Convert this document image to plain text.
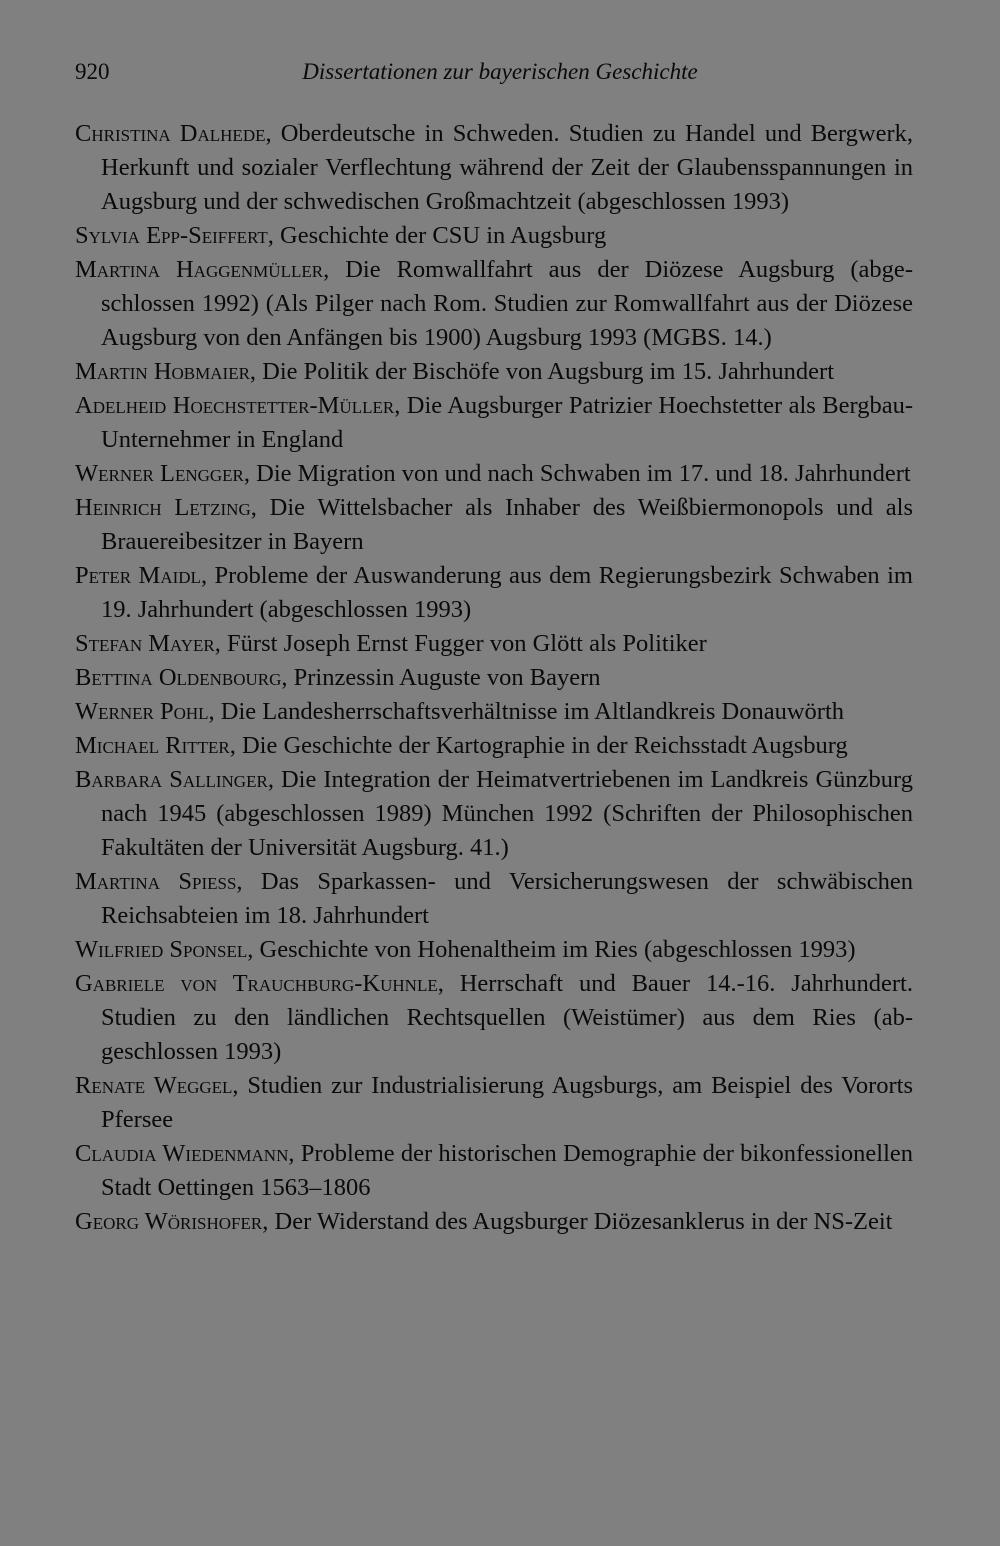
920	Dissertationen zur bayerischen Geschichte

Christina Dalhede, Oberdeutsche in Schweden. Studien zu Handel und Bergwerk, Herkunft und sozialer Verflechtung während der Zeit der Glaubensspannungen in Augsburg und der schwedischen Großmachtzeit (abgeschlossen 1993)

Sylvia Epp-Seiffert, Geschichte der CSU in Augsburg

Martina Haggenmüller, Die Romwallfahrt aus der Diözese Augsburg (abgeschlossen 1992) (Als Pilger nach Rom. Studien zur Romwallfahrt aus der Diözese Augsburg von den Anfängen bis 1900) Augsburg 1993 (MGBS. 14.)

Martin Hobmaier, Die Politik der Bischöfe von Augsburg im 15. Jahrhundert

Adelheid Hoechstetter-Müller, Die Augsburger Patrizier Hoechstetter als Bergbau-Unternehmer in England

Werner Lengger, Die Migration von und nach Schwaben im 17. und 18. Jahrhundert

Heinrich Letzing, Die Wittelsbacher als Inhaber des Weißbiermonopols und als Brauereibesitzer in Bayern

Peter Maidl, Probleme der Auswanderung aus dem Regierungsbezirk Schwaben im 19. Jahrhundert (abgeschlossen 1993)

Stefan Mayer, Fürst Joseph Ernst Fugger von Glött als Politiker

Bettina Oldenbourg, Prinzessin Auguste von Bayern

Werner Pohl, Die Landesherrschaftsverhältnisse im Altlandkreis Donauwörth

Michael Ritter, Die Geschichte der Kartographie in der Reichsstadt Augsburg

Barbara Sallinger, Die Integration der Heimatvertriebenen im Landkreis Günzburg nach 1945 (abgeschlossen 1989) München 1992 (Schriften der Philosophischen Fakultäten der Universität Augsburg. 41.)

Martina Spiess, Das Sparkassen- und Versicherungswesen der schwäbischen Reichsabteien im 18. Jahrhundert

Wilfried Sponsel, Geschichte von Hohenaltheim im Ries (abgeschlossen 1993)

Gabriele von Trauchburg-Kuhnle, Herrschaft und Bauer 14.-16. Jahrhundert. Studien zu den ländlichen Rechtsquellen (Weistümer) aus dem Ries (abgeschlossen 1993)

Renate Weggel, Studien zur Industrialisierung Augsburgs, am Beispiel des Vororts Pfersee

Claudia Wiedenmann, Probleme der historischen Demographie der bikonfessionellen Stadt Oettingen 1563–1806

Georg Wörishofer, Der Widerstand des Augsburger Diözesanklerus in der NS-Zeit
